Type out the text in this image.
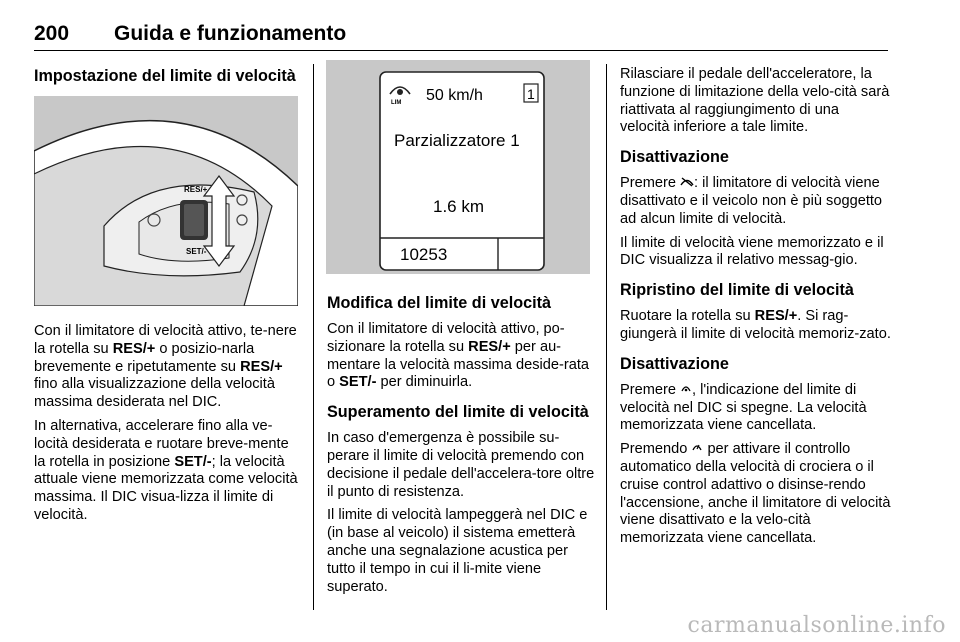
200 Guida e funzionamento
Impostazione del limite di velocità
RES/+
SET/-

Con il limitatore di velocità attivo, te-nere la rotella su RES/+ o posizio-narla brevemente e ripetutamente su RES/+ fino alla visualizzazione della velocità massima desiderata nel DIC.

In alternativa, accelerare fino alla ve-locità desiderata e ruotare breve-mente la rotella in posizione SET/-; la velocità attuale viene memorizzata come velocità massima. Il DIC visua-lizza il limite di velocità.

LIM 50 km/h	1
Parzializzatore 1
1.6 km
10253
Modifica del limite di velocità

Con il limitatore di velocità attivo, po-sizionare la rotella su RES/+ per au-mentare la velocità massima deside-rata o SET/- per diminuirla.

Superamento del limite di velocità

In caso d'emergenza è possibile su-perare il limite di velocità premendo con decisione il pedale dell'accelera-tore oltre il punto di resistenza.

Il limite di velocità lampeggerà nel DIC e (in base al veicolo) il sistema emetterà anche una segnalazione acustica per tutto il tempo in cui il li-mite viene superato.

Rilasciare il pedale dell'acceleratore, la funzione di limitazione della velo-cità sarà riattivata al raggiungimento di una velocità inferiore a tale limite.

Disattivazione

Premere : il limitatore di velocità viene disattivato e il veicolo non è più soggetto ad alcun limite di velocità.

Il limite di velocità viene memorizzato e il DIC visualizza il relativo messag-gio.

Ripristino del limite di velocità

Ruotare la rotella su RES/+. Si rag-giungerà il limite di velocità memoriz-zato.

Disattivazione

Premere , l'indicazione del limite di velocità nel DIC si spegne. La velocità memorizzata viene cancellata.

Premendo  per attivare il controllo automatico della velocità di crociera o il cruise control adattivo o disinse-rendo l'accensione, anche il limitatore di velocità viene disattivato e la velo-cità memorizzata viene cancellata.

carmanualsonline.info
